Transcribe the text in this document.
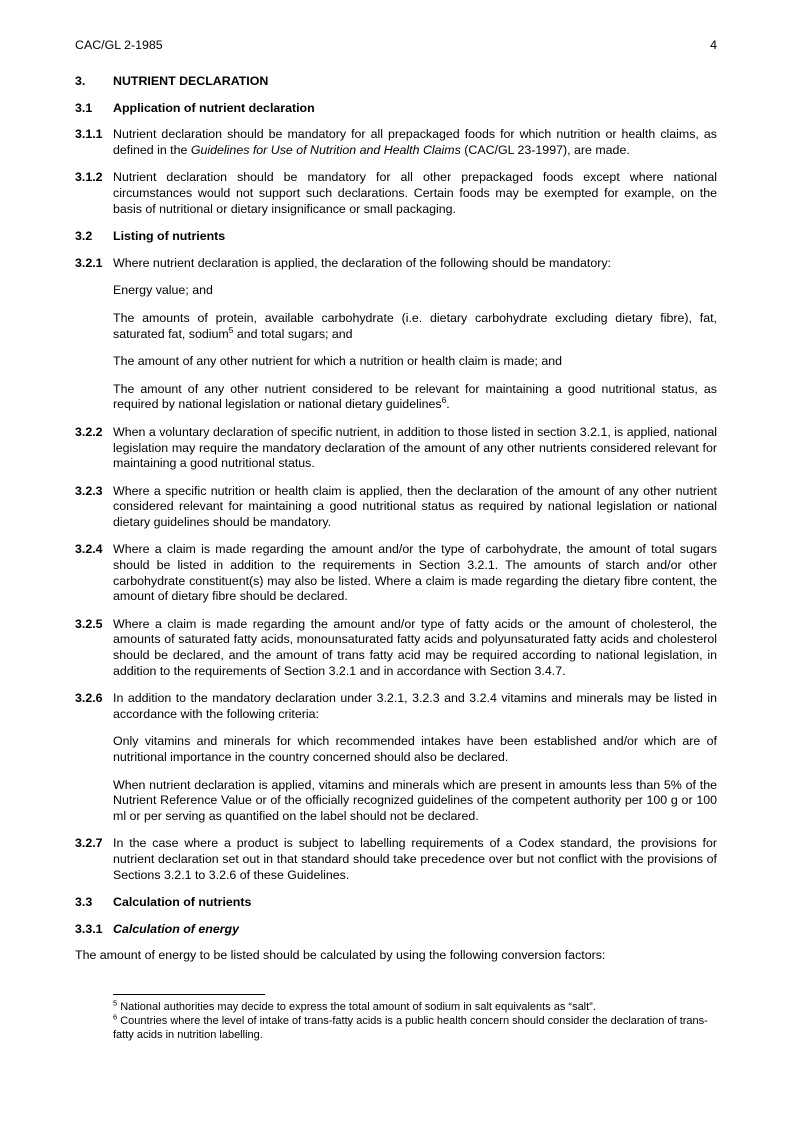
CAC/GL 2-1985	4
3. NUTRIENT DECLARATION
3.1 Application of nutrient declaration
3.1.1 Nutrient declaration should be mandatory for all prepackaged foods for which nutrition or health claims, as defined in the Guidelines for Use of Nutrition and Health Claims (CAC/GL 23-1997), are made.
3.1.2 Nutrient declaration should be mandatory for all other prepackaged foods except where national circumstances would not support such declarations. Certain foods may be exempted for example, on the basis of nutritional or dietary insignificance or small packaging.
3.2 Listing of nutrients
3.2.1 Where nutrient declaration is applied, the declaration of the following should be mandatory:
Energy value; and
The amounts of protein, available carbohydrate (i.e. dietary carbohydrate excluding dietary fibre), fat, saturated fat, sodium$^5$ and total sugars; and
The amount of any other nutrient for which a nutrition or health claim is made; and
The amount of any other nutrient considered to be relevant for maintaining a good nutritional status, as required by national legislation or national dietary guidelines$^6$.
3.2.2 When a voluntary declaration of specific nutrient, in addition to those listed in section 3.2.1, is applied, national legislation may require the mandatory declaration of the amount of any other nutrients considered relevant for maintaining a good nutritional status.
3.2.3 Where a specific nutrition or health claim is applied, then the declaration of the amount of any other nutrient considered relevant for maintaining a good nutritional status as required by national legislation or national dietary guidelines should be mandatory.
3.2.4 Where a claim is made regarding the amount and/or the type of carbohydrate, the amount of total sugars should be listed in addition to the requirements in Section 3.2.1. The amounts of starch and/or other carbohydrate constituent(s) may also be listed. Where a claim is made regarding the dietary fibre content, the amount of dietary fibre should be declared.
3.2.5 Where a claim is made regarding the amount and/or type of fatty acids or the amount of cholesterol, the amounts of saturated fatty acids, monounsaturated fatty acids and polyunsaturated fatty acids and cholesterol should be declared, and the amount of trans fatty acid may be required according to national legislation, in addition to the requirements of Section 3.2.1 and in accordance with Section 3.4.7.
3.2.6 In addition to the mandatory declaration under 3.2.1, 3.2.3 and 3.2.4 vitamins and minerals may be listed in accordance with the following criteria:
Only vitamins and minerals for which recommended intakes have been established and/or which are of nutritional importance in the country concerned should also be declared.
When nutrient declaration is applied, vitamins and minerals which are present in amounts less than 5% of the Nutrient Reference Value or of the officially recognized guidelines of the competent authority per 100 g or 100 ml or per serving as quantified on the label should not be declared.
3.2.7 In the case where a product is subject to labelling requirements of a Codex standard, the provisions for nutrient declaration set out in that standard should take precedence over but not conflict with the provisions of Sections 3.2.1 to 3.2.6 of these Guidelines.
3.3 Calculation of nutrients
3.3.1 Calculation of energy
The amount of energy to be listed should be calculated by using the following conversion factors:
$^5$ National authorities may decide to express the total amount of sodium in salt equivalents as “salt”.
$^6$ Countries where the level of intake of trans-fatty acids is a public health concern should consider the declaration of trans-fatty acids in nutrition labelling.
